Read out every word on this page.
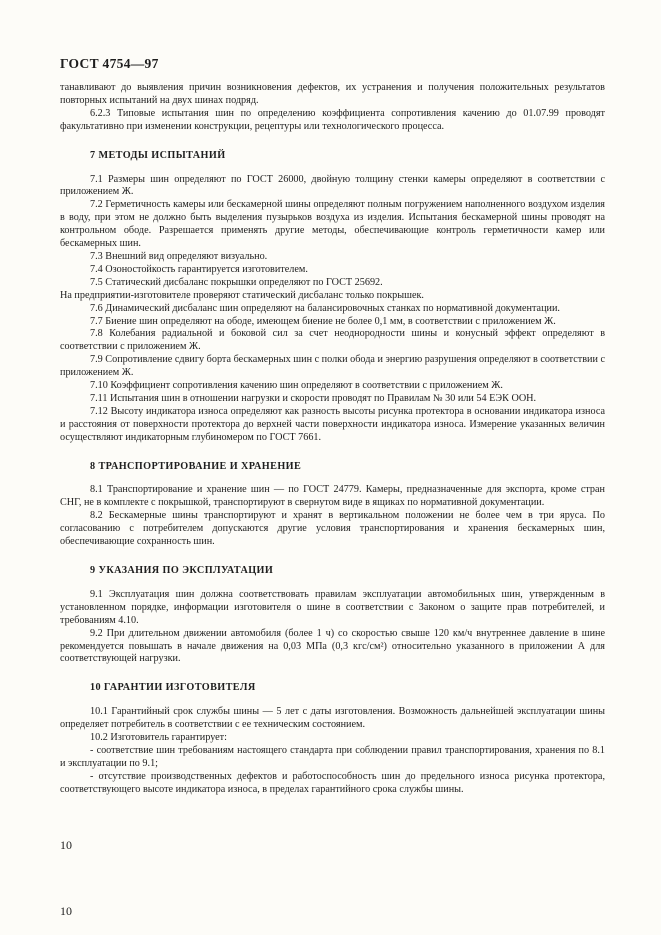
ГОСТ 4754—97

танавливают до выявления причин возникновения дефектов, их устранения и получения положительных результатов повторных испытаний на двух шинах подряд.

6.2.3 Типовые испытания шин по определению коэффициента сопротивления качению до 01.07.99 проводят факультативно при изменении конструкции, рецептуры или технологического процесса.

7 МЕТОДЫ ИСПЫТАНИЙ

7.1 Размеры шин определяют по ГОСТ 26000, двойную толщину стенки камеры определяют в соответствии с приложением Ж.

7.2 Герметичность камеры или бескамерной шины определяют полным погружением наполненного воздухом изделия в воду, при этом не должно быть выделения пузырьков воздуха из изделия. Испытания бескамерной шины проводят на контрольном ободе. Разрешается применять другие методы, обеспечивающие контроль герметичности камер или бескамерных шин.

7.3 Внешний вид определяют визуально.

7.4 Озоностойкость гарантируется изготовителем.

7.5 Статический дисбаланс покрышки определяют по ГОСТ 25692.

На предприятии-изготовителе проверяют статический дисбаланс только покрышек.

7.6 Динамический дисбаланс шин определяют на балансировочных станках по нормативной документации.

7.7 Биение шин определяют на ободе, имеющем биение не более 0,1 мм, в соответствии с приложением Ж.

7.8 Колебания радиальной и боковой сил за счет неоднородности шины и конусный эффект определяют в соответствии с приложением Ж.

7.9 Сопротивление сдвигу борта бескамерных шин с полки обода и энергию разрушения определяют в соответствии с приложением Ж.

7.10 Коэффициент сопротивления качению шин определяют в соответствии с приложением Ж.

7.11 Испытания шин в отношении нагрузки и скорости проводят по Правилам № 30 или 54 ЕЭК ООН.

7.12 Высоту индикатора износа определяют как разность высоты рисунка протектора в основании индикатора износа и расстояния от поверхности протектора до верхней части поверхности индикатора износа. Измерение указанных величин осуществляют индикаторным глубиномером по ГОСТ 7661.

8 ТРАНСПОРТИРОВАНИЕ И ХРАНЕНИЕ

8.1 Транспортирование и хранение шин — по ГОСТ 24779. Камеры, предназначенные для экспорта, кроме стран СНГ, не в комплекте с покрышкой, транспортируют в свернутом виде в ящиках по нормативной документации.

8.2 Бескамерные шины транспортируют и хранят в вертикальном положении не более чем в три яруса. По согласованию с потребителем допускаются другие условия транспортирования и хранения бескамерных шин, обеспечивающие сохранность шин.

9 УКАЗАНИЯ ПО ЭКСПЛУАТАЦИИ

9.1 Эксплуатация шин должна соответствовать правилам эксплуатации автомобильных шин, утвержденным в установленном порядке, информации изготовителя о шине в соответствии с Законом о защите прав потребителей, и требованиям 4.10.

9.2 При длительном движении автомобиля (более 1 ч) со скоростью свыше 120 км/ч внутреннее давление в шине рекомендуется повышать в начале движения на 0,03 МПа (0,3 кгс/см²) относительно указанного в приложении А для соответствующей нагрузки.

10 ГАРАНТИИ ИЗГОТОВИТЕЛЯ

10.1 Гарантийный срок службы шины — 5 лет с даты изготовления. Возможность дальнейшей эксплуатации шины определяет потребитель в соответствии с ее техническим состоянием.

10.2 Изготовитель гарантирует:

- соответствие шин требованиям настоящего стандарта при соблюдении правил транспортирования, хранения по 8.1 и эксплуатации по 9.1;

- отсутствие производственных дефектов и работоспособность шин до предельного износа рисунка протектора, соответствующего высоте индикатора износа, в пределах гарантийного срока службы шины.

10
10
